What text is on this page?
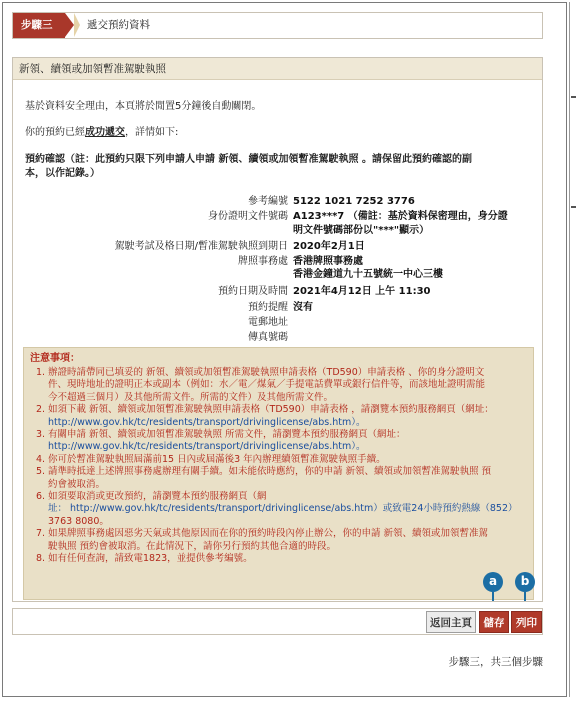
步驟三	遞交預約資料
新領、續領或加領暫准駕駛執照
基於資料安全理由，本頁將於閒置5分鐘後自動關閉。
你的預約已經成功遞交，詳情如下:
預約確認（註：此預約只限下列申請人申請 新領、續領或加領暫准駕駛執照 。請保留此預約確認的副
本，以作記錄。）
參考編號 5122 1021 7252 3776
身份證明文件號碼 A123***7 （備註：基於資料保密理由，身分證
明文件號碼部份以"***"顯示）
駕駛考試及格日期/暫准駕駛執照到期日 2020年2月1日
牌照事務處 香港牌照事務處
香港金鐘道九十五號統一中心三樓
預約日期及時間 2021年4月12日 上午 11:30
預約提醒 沒有
電郵地址
傳真號碼
注意事項：
1. 辦證時請帶同已填妥的 新領、續領或加領暫准駕駛執照申請表格（TD590）申請表格 、你的身分證明文
件、現時地址的證明正本或副本（例如：水／電／煤氣／手提電話費單或銀行信件等，而該地址證明需能
今不超過三個月）及其他所需文件。所需的文件）及其他所需文件。
2. 如須下載 新領、續領或加領暫准駕駛執照申請表格（TD590）申請表格 ，請瀏覽本預約服務網頁（網址：
http://www.gov.hk/tc/residents/transport/drivinglicense/abs.htm）。
3. 有關申請 新領、續領或加領暫准駕駛執照 所需文件，請瀏覽本預約服務網頁（網址：
http://www.gov.hk/tc/residents/transport/drivinglicense/abs.htm）。
4. 你可於暫准駕駛執照屆滿前15 日內或屆滿後3 年內辦理續領暫准駕駛執照手續。
5. 請準時抵達上述牌照事務處辦理有關手續。如未能依時應約，你的申請 新領、續領或加領暫准駕駛執照 預
約會被取消。
6. 如須要取消或更改預約，請瀏覽本預約服務網頁（網
址： http://www.gov.hk/tc/residents/transport/drivinglicense/abs.htm）或致電24小時預約熱線（852）
3763 8080。
7. 如果牌照事務處因惡劣天氣或其他原因而在你的預約時段內停止辦公，你的申請 新領、續領或加領暫准駕
駛執照 預約會被取消。在此情況下，請你另行預約其他合適的時段。
8. 如有任何查詢，請致電1823，並提供參考編號。
a	b
返回主頁	儲存	列印
步驟三，共三個步驟
